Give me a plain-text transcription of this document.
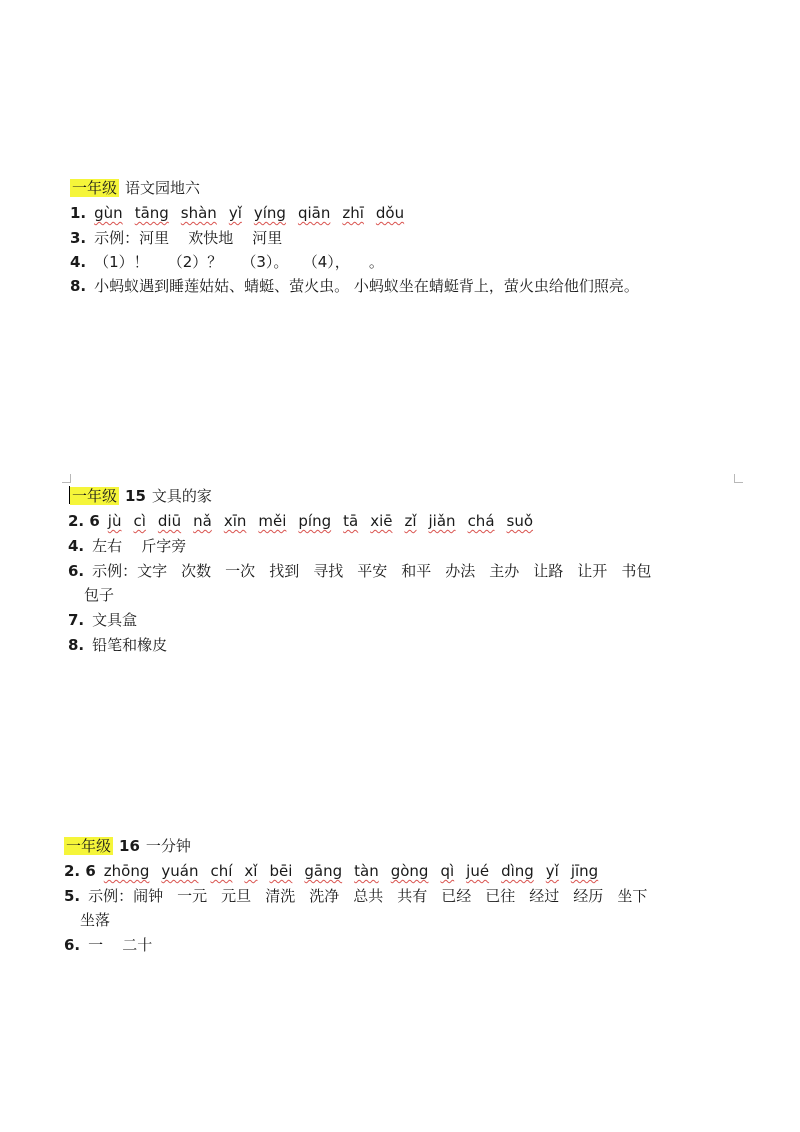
一年级 语文园地六
1. gùn tāng shàn yǐ yíng qiān zhī dǒu
3. 示例：河里    欢快地    河里
4. （1）！    （2）？    （3）。   （4），    。
8. 小蚂蚁遇到睡莲姑姑、蜻蜓、萤火虫。 小蚂蚁坐在蜻蜓背上，萤火虫给他们照亮。
一年级 15 文具的家
2. 6 jù cì diū nǎ xīn měi píng tā xiē zǐ jiǎn chá suǒ
4. 左右    斤字旁
6. 示例：文字 次数 一次 找到 寻找 平安 和平 办法 主办 让路 让开 书包
包子
7. 文具盒
8. 铅笔和橡皮
一年级 16 一分钟
2. 6 zhōng yuán chí xǐ bēi gāng tàn gòng qì jué dìng yǐ jīng
5. 示例：闹钟 一元 元旦 清洗 洗净 总共 共有 已经 已往 经过 经历 坐下
坐落
6. 一    二十
